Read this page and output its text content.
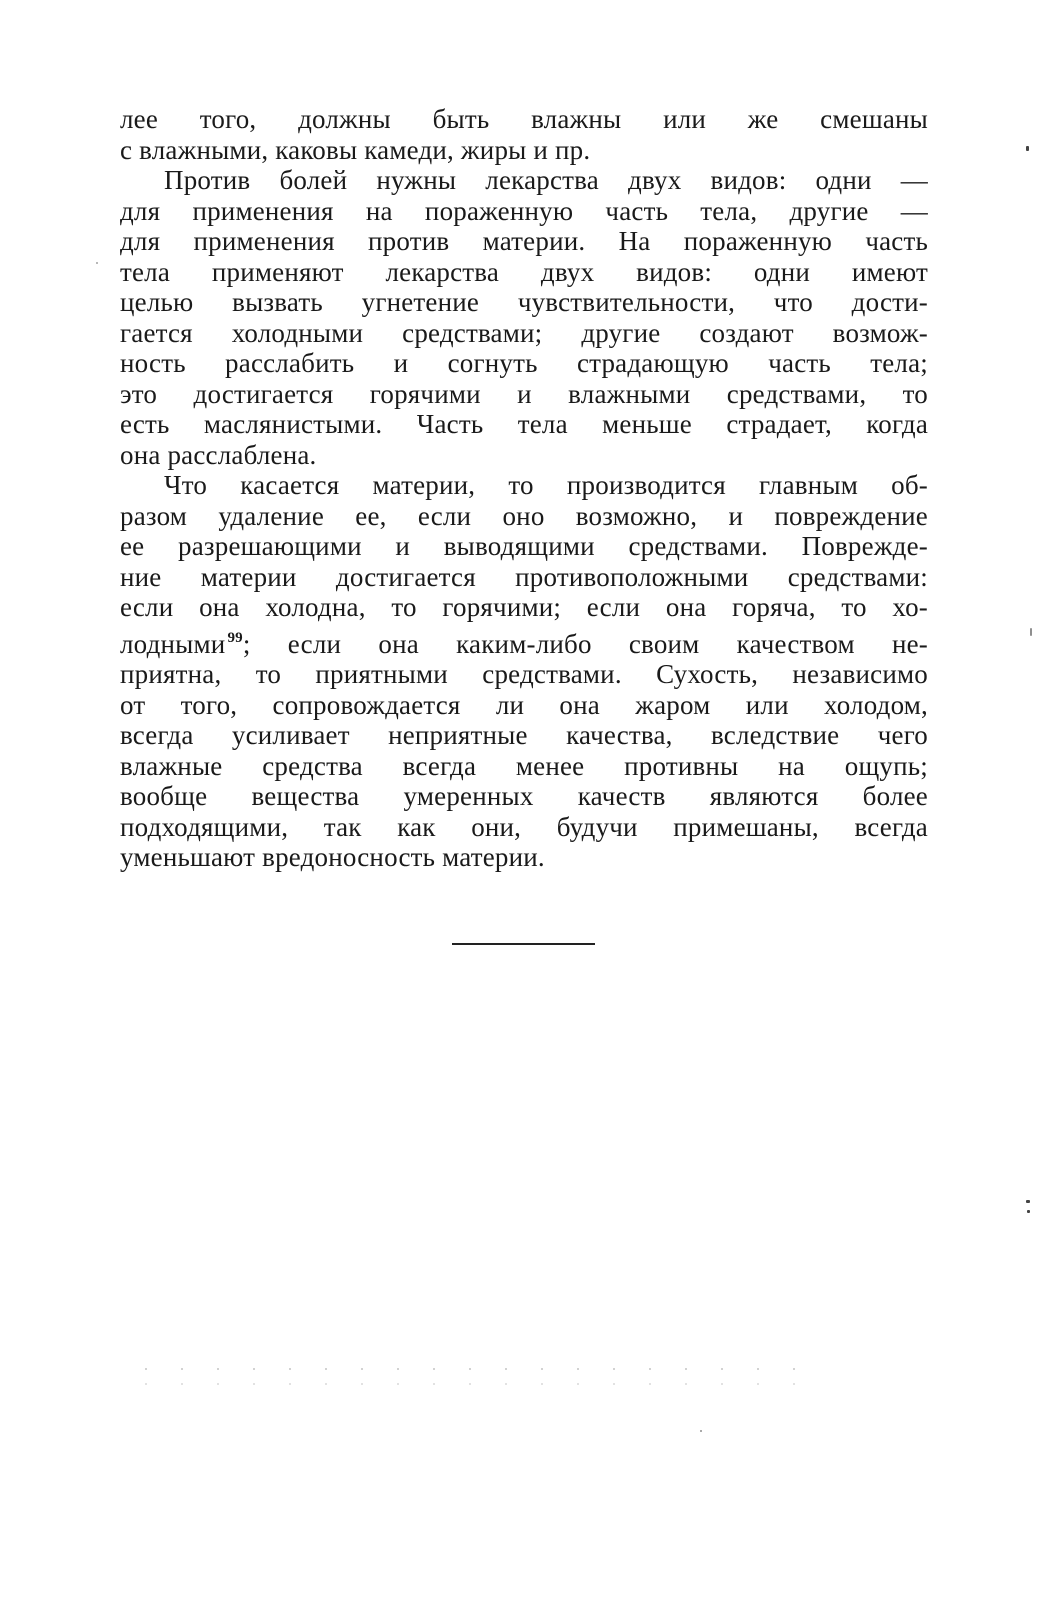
лее того, должны быть влажны или же смешаны
с влажными, каковы камеди, жиры и пр.
Против болей нужны лекарства двух видов: одни —
для применения на пораженную часть тела, другие —
для применения против материи. На пораженную часть
тела применяют лекарства двух видов: одни имеют
целью вызвать угнетение чувствительности, что дости-
гается холодными средствами; другие создают возмож-
ность расслабить и согнуть страдающую часть тела;
это достигается горячими и влажными средствами, то
есть маслянистыми. Часть тела меньше страдает, когда
она расслаблена.
Что касается материи, то производится главным об-
разом удаление ее, если оно возможно, и повреждение
ее разрешающими и выводящими средствами. Поврежде-
ние материи достигается противоположными средствами:
если она холодна, то горячими; если она горяча, то хо-
лодными $^{99}$; если она каким-либо своим качеством не-
приятна, то приятными средствами. Сухость, независимо
от того, сопровождается ли она жаром или холодом,
всегда усиливает неприятные качества, вследствие чего
влажные средства всегда менее противны на ощупь;
вообще вещества умеренных качеств являются более
подходящими, так как они, будучи примешаны, всегда
уменьшают вредоносность материи.
